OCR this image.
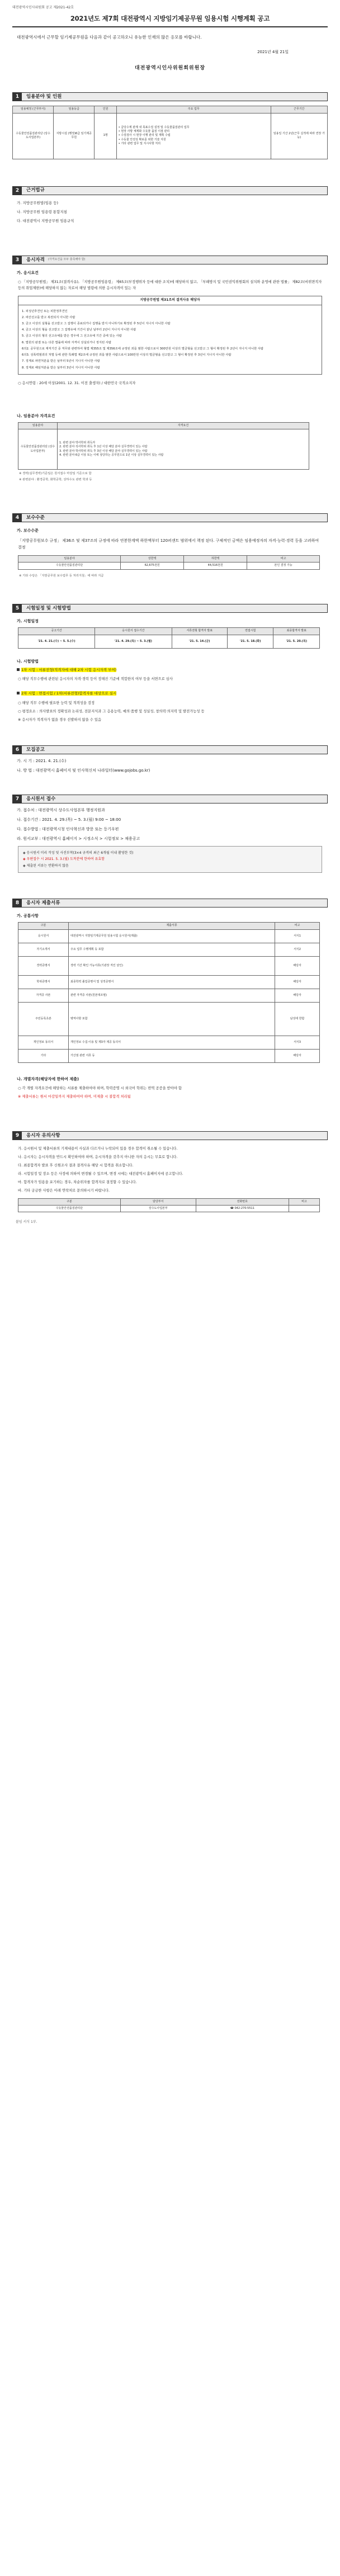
대전광역시인사위원회 공고 제2021-42호
2021년도 제7회 대전광역시 지방임기제공무원 임용시험 시행계획 공고

대전광역시에서 근무할 임기제공무원을 다음과 같이 공고하오니 유능한 인재의 많은 응모를 바랍니다.

2021년 4월 21일
대전광역시인사위원회위원장
1	임용분야 및 인원
임용예정 (근무부서)	임용등급	인원	주요 업무	근무기간
수돗물안전품질관리단 (상수도사업본부)	지방시설 (행정)6급 임기제공무원	1명	• 급당수계 관계 내 목표수질 설정 및 수돗물품질관리 업무
• 현장 사항 체계화 수돗물 품질 이점 관리
• 수질검사 시 현장 이행 관리 및 계획 수립
• 수돗물 안전성 확보를 위한 기술 지원
• 기타 관련 업무 및 지시사항 처리	임용일 기산 2년(근무 실적에 따라 연장 가능)
2	근거법규

가. 지방공무원법(임용 등)

나. 지방공무원 임용령 통합지침

다. 대전광역시 지방공무원 임용규칙

3	응시자격	(자격요건을 모두 충족해야 함)
가. 응시요건

○ 「지방공무원법」 제31조(결격사유), 「지방공무원임용령」 제65조(부정행위자 등에 대한 조치)에 해당하지 않고, 「부패방지 및 국민권익위원회의 설치와 운영에 관한 법률」 제82조(비위면직자 등의 취업제한)에 해당하지 않는 자로서 해당 법령에 의한 응시자격이 있는 자

지방공무원법 제31조의 결격사유 해당자

1. 피성년후견인 또는 피한정후견인

2. 파산선고를 받고 복권되지 아니한 사람

3. 금고 이상의 실형을 선고받고 그 집행이 종료되거나 집행을 받지 아니하기로 확정된 후 5년이 지나지 아니한 사람

4. 금고 이상의 형을 선고받고 그 집행유예 기간이 끝난 날부터 2년이 지나지 아니한 사람

5. 금고 이상의 형의 선고유예를 받은 경우에 그 선고유예 기간 중에 있는 사람

6. 법원의 판결 또는 다른 법률에 따라 자격이 상실되거나 정지된 사람

6의2. 공무원으로 재직기간 중 직무와 관련하여 형법 제355조 및 제356조에 규정된 죄를 범한 사람으로서 300만원 이상의 벌금형을 선고받고 그 형이 확정된 후 2년이 지나지 아니한 사람

6의3. 성폭력범죄의 처벌 등에 관한 특례법 제2조에 규정된 죄를 범한 사람으로서 100만원 이상의 벌금형을 선고받고 그 형이 확정된 후 3년이 지나지 아니한 사람

7. 징계로 파면처분을 받은 날부터 5년이 지나지 아니한 사람

8. 징계로 해임처분을 받은 날부터 3년이 지나지 아니한 사람

○ 응시연령 : 20세 이상(2001. 12. 31. 이전 출생자) / 대한민국 국적소지자

나. 임용분야 자격요건
임용분야	자격요건
수돗물안전품질관리단 (상수도사업본부)	1. 관련 분야 박사학위 취득자
2. 관련 분야 석사학위 취득 후 1년 이상 해당 분야 실무경력이 있는 사람
3. 관련 분야 학사학위 취득 후 3년 이상 해당 분야 실무경력이 있는 사람
4. 관련 분야 6급 이상 또는 이에 상당하는 공무원으로 1년 이상 실무경력이 있는 사람

※ 경력(실무경력)기준일은 원서접수 마감일 기준으로 함

※ 관련분야 : 환경공학, 화학공학, 상하수도 관련 학과 등

4	보수수준
가. 보수수준

「지방공무원보수 규정」 제36조 및 제37조의 규정에 따라 연봉한계액 하한액부터 120퍼센트 범위에서 책정 된다. 구체적인 금액은 임용예정자의 자격·능력·경력 등을 고려하여 결정

임용분야	상한액	하한액	비고
수돗물안전품질관리단	62,675천원	44,516천원	본인 결정 가능

※ 기타 수당은 「지방공무원 보수업무 등 처리지침」에 따라 지급

5	시험일정 및 시험방법
가. 시험일정
공고기간	응시원서 접수기간	서류전형 합격자 발표	면접시험	최종합격자 발표
'21. 4. 21.(수) ~ 5. 5.(수)	'21. 4. 29.(목) ~ 5. 3.(월)	'21. 5. 14.(금)	'21. 5. 18.(화)	'21. 5. 20.(목)
나. 시험방법

1차 시험 : 서류전형(적격자에 대해 2차 시험 응시자격 부여)

○ 해당 직무수행에 관련된 응시자의 자격·경력 등이 정해진 기준에 적합한지 여부 등을 서면으로 심사

2차 시험 : 면접시험 / 1차(서류전형)합격자를 대상으로 실시

○ 해당 직무 수행에 필요한 능력 및 적격성을 검정

○ 평정요소 : 의사발표의 정확성과 논리성, 전문지식과 그 응용능력, 예의·품행 및 성실성, 창의력·의지력 및 발전가능성 등

※ 응시자가 적격자가 없을 경우 선발하지 않을 수 있음

6	모집공고

가. 시 기 : 2021. 4. 21.(수)

나. 방 법 : 대전광역시 홈페이지 및 인사혁신처 나라일터(www.gojobs.go.kr)

7	응시원서 접수

가. 접수처 : 대전광역시 상수도사업본부 행정지원과

나. 접수기간 : 2021. 4. 29.(목) ~ 5. 3.(월) 9:00 ~ 18:00

다. 접수방법 : 대전광역시청 인사혁신과 방문 또는 등기우편

라. 원서교부 : 대전광역시 홈페이지 > 시정소식 > 시험정보 > 채용공고

◈ 응시원서 미리 작성 및 사진부착(3×4 규격의 최근 6개월 이내 촬영한 것)

◈ 우편접수 시 2021. 5. 3.(월) 도착분에 한하여 유효함

◈ 제출된 서류는 반환하지 않음

8	응시자 제출서류
가. 공통사항
구분	제출서류	비고
응시원서	대전광역시 지방임기제공무원 임용시험 응시원서(제출)	서식1
자기소개서	주요 업무 수행계획 등 포함	서식2
경력증명서	경력 기간 확인 가능서류(기관장 직인 날인)	해당자
학위증명서	최종학력 졸업증명서 및 성적증명서	해당자
자격증 사본	관련 자격증 사본(원본대조필)	해당자
주민등록초본	병역사항 포함	남성에 한함
개인정보 동의서	개인정보 수집·이용 및 제3자 제공 동의서	서식3
기타	가산점 관련 서류 등	해당자
나. 개별자격(해당자에 한하여 제출)

○ 각 개별 자격요건에 해당하는 서류를 제출하여야 하며, 학력증명 시 외국어 학위는 번역 공증을 받아야 함

※ 제출서류는 원서 마감일까지 제출하여야 하며, 미제출 시 불합격 처리됨

9	응시자 유의사항

가. 응시원서 및 제출서류의 기재내용이 사실과 다르거나 누락되어 있을 경우 합격이 취소될 수 있습니다.

나. 응시자는 응시자격을 반드시 확인하여야 하며, 응시자격을 갖추지 아니한 자의 응시는 무효로 합니다.

다. 최종합격자 발표 후 신원조사 결과 결격사유 해당 시 합격을 취소합니다.

라. 시험일정 및 장소 등은 사정에 의하여 변경될 수 있으며, 변경 시에는 대전광역시 홈페이지에 공고합니다.

마. 합격자가 임용을 포기하는 경우, 차순위자를 합격자로 결정할 수 있습니다.

바. 기타 궁금한 사항은 아래 연락처로 문의하시기 바랍니다.

구분	담당부서	전화번호	비고
수돗물안전품질관리단	상수도사업본부	☎ 042-270-5511	
붙임 서식 1부.
